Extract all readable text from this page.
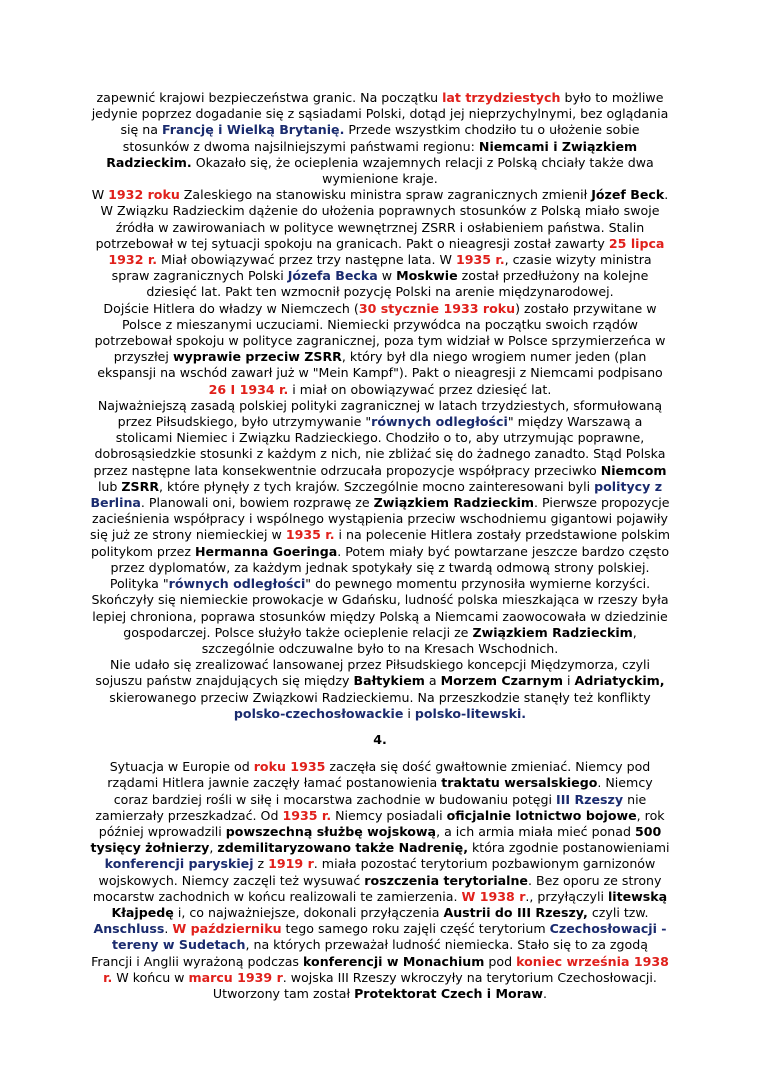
zapewnić krajowi bezpieczeństwa granic. Na początku lat trzydziestych było to możliwe jedynie poprzez dogadanie się z sąsiadami Polski, dotąd jej nieprzychylnymi, bez oglądania się na Francję i Wielką Brytanię. Przede wszystkim chodziło tu o ułożenie sobie stosunków z dwoma najsilniejszymi państwami regionu: Niemcami i Związkiem Radzieckim. Okazało się, że ocieplenia wzajemnych relacji z Polską chciały także dwa wymienione kraje.

W 1932 roku Zaleskiego na stanowisku ministra spraw zagranicznych zmienił Józef Beck.

W Związku Radzieckim dążenie do ułożenia poprawnych stosunków z Polską miało swoje źródła w zawirowaniach w polityce wewnętrznej ZSRR i osłabieniem państwa. Stalin potrzebował w tej sytuacji spokoju na granicach. Pakt o nieagresji został zawarty 25 lipca 1932 r. Miał obowiązywać przez trzy następne lata. W 1935 r., czasie wizyty ministra spraw zagranicznych Polski Józefa Becka w Moskwie został przedłużony na kolejne dziesięć lat. Pakt ten wzmocnił pozycję Polski na arenie międzynarodowej.

Dojście Hitlera do władzy w Niemczech (30 stycznie 1933 roku) zostało przywitane w Polsce z mieszanymi uczuciami. Niemiecki przywódca na początku swoich rządów potrzebował spokoju w polityce zagranicznej, poza tym widział w Polsce sprzymierzeńca w przyszłej wyprawie przeciw ZSRR, który był dla niego wrogiem numer jeden (plan ekspansji na wschód zawarł już w "Mein Kampf"). Pakt o nieagresji z Niemcami podpisano 26 I 1934 r. i miał on obowiązywać przez dziesięć lat.

Najważniejszą zasadą polskiej polityki zagranicznej w latach trzydziestych, sformułowaną przez Piłsudskiego, było utrzymywanie "równych odległości" między Warszawą a stolicami Niemiec i Związku Radzieckiego. Chodziło o to, aby utrzymując poprawne, dobrosąsiedzkie stosunki z każdym z nich, nie zbliżać się do żadnego zanadto. Stąd Polska przez następne lata konsekwentnie odrzucała propozycje współpracy przeciwko Niemcom lub ZSRR, które płynęły z tych krajów. Szczególnie mocno zainteresowani byli politycy z Berlina. Planowali oni, bowiem rozprawę ze Związkiem Radzieckim. Pierwsze propozycje zacieśnienia współpracy i wspólnego wystąpienia przeciw wschodniemu gigantowi pojawiły się już ze strony niemieckiej w 1935 r. i na polecenie Hitlera zostały przedstawione polskim politykom przez Hermanna Goeringa. Potem miały być powtarzane jeszcze bardzo często przez dyplomatów, za każdym jednak spotykały się z twardą odmową strony polskiej. Polityka "równych odległości" do pewnego momentu przynosiła wymierne korzyści. Skończyły się niemieckie prowokacje w Gdańsku, ludność polska mieszkająca w rzeszy była lepiej chroniona, poprawa stosunków między Polską a Niemcami zaowocowała w dziedzinie gospodarczej. Polsce służyło także ocieplenie relacji ze Związkiem Radzieckim, szczególnie odczuwalne było to na Kresach Wschodnich.

Nie udało się zrealizować lansowanej przez Piłsudskiego koncepcji Międzymorza, czyli sojuszu państw znajdujących się między Bałtykiem a Morzem Czarnym i Adriatyckim, skierowanego przeciw Związkowi Radzieckiemu. Na przeszkodzie stanęły też konflikty polsko-czechosłowackie i polsko-litewski.

4.

Sytuacja w Europie od roku 1935 zaczęła się dość gwałtownie zmieniać. Niemcy pod rządami Hitlera jawnie zaczęły łamać postanowienia traktatu wersalskiego. Niemcy coraz bardziej rośli w siłę i mocarstwa zachodnie w budowaniu potęgi III Rzeszy nie zamierzały przeszkadzać. Od 1935 r. Niemcy posiadali oficjalnie lotnictwo bojowe, rok później wprowadzili powszechną służbę wojskową, a ich armia miała mieć ponad 500 tysięcy żołnierzy, zdemilitaryzowano także Nadrenię, która zgodnie postanowieniami konferencji paryskiej z 1919 r. miała pozostać terytorium pozbawionym garnizonów wojskowych. Niemcy zaczęli też wysuwać roszczenia terytorialne. Bez oporu ze strony mocarstw zachodnich w końcu realizowali te zamierzenia. W 1938 r., przyłączyli litewską Kłajpedę i, co najważniejsze, dokonali przyłączenia Austrii do III Rzeszy, czyli tzw. Anschluss. W październiku tego samego roku zajęli część terytorium Czechosłowacji - tereny w Sudetach, na których przeważał ludność niemiecka. Stało się to za zgodą Francji i Anglii wyrażoną podczas konferencji w Monachium pod koniec września 1938 r. W końcu w marcu 1939 r. wojska III Rzeszy wkroczyły na terytorium Czechosłowacji. Utworzony tam został Protektorat Czech i Moraw.
